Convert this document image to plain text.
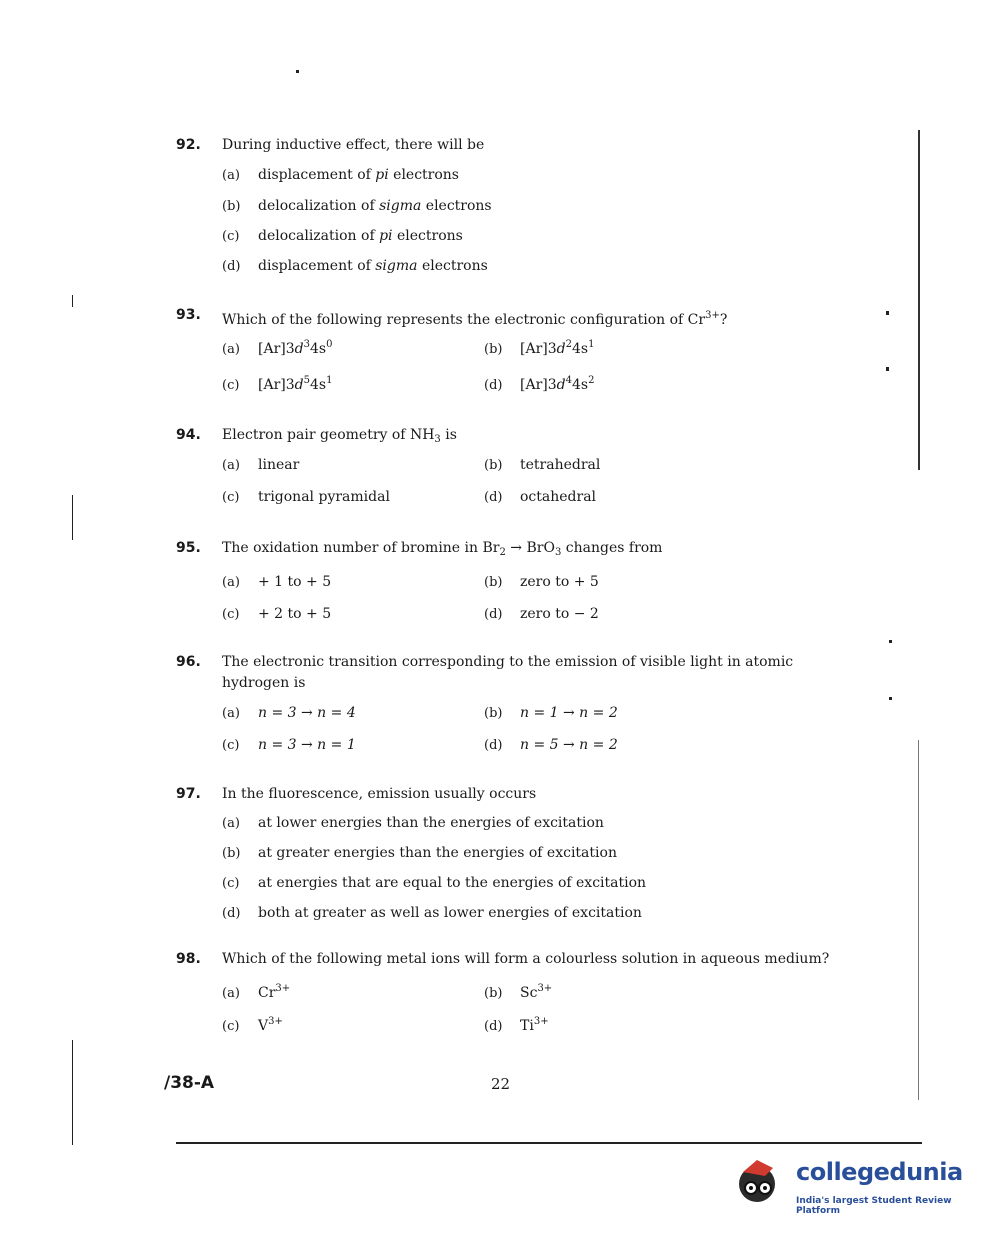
92. During inductive effect, there will be
(a) displacement of pi electrons
(b) delocalization of sigma electrons
(c) delocalization of pi electrons
(d) displacement of sigma electrons
93. Which of the following represents the electronic configuration of $Cr^{3+}$?
(a) $[Ar]3d^34s^0$	(b) $[Ar]3d^24s^1$
(c) $[Ar]3d^54s^1$	(d) $[Ar]3d^44s^2$
94. Electron pair geometry of $NH_3$ is
(a) linear	(b) tetrahedral
(c) trigonal pyramidal	(d) octahedral
95. The oxidation number of bromine in $Br_2 \to BrO_3$ changes from
(a) + 1 to + 5	(b) zero to + 5
(c) + 2 to + 5	(d) zero to − 2
96. The electronic transition corresponding to the emission of visible light in atomic
hydrogen is
(a) n = 3 → n = 4	(b) n = 1 → n = 2
(c) n = 3 → n = 1	(d) n = 5 → n = 2
97. In the fluorescence, emission usually occurs
(a) at lower energies than the energies of excitation
(b) at greater energies than the energies of excitation
(c) at energies that are equal to the energies of excitation
(d) both at greater as well as lower energies of excitation
98. Which of the following metal ions will form a colourless solution in aqueous medium?
(a) $Cr^{3+}$	(b) $Sc^{3+}$
(c) $V^{3+}$	(d) $Ti^{3+}$
/38-A	22
collegedunia
India's largest Student Review Platform
